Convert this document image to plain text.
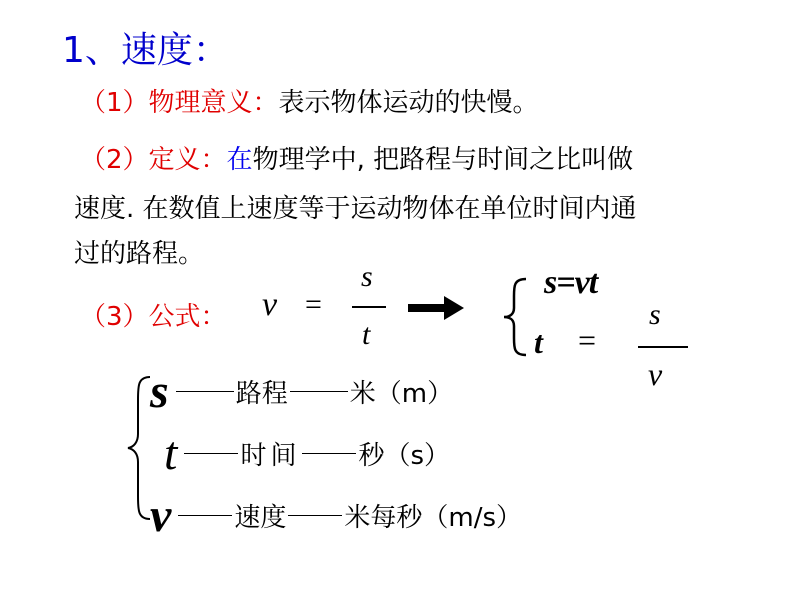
1、速度：
（1）物理意义：表示物体运动的快慢。
（2）定义：在物理学中, 把路程与时间之比叫做
速度. 在数值上速度等于运动物体在单位时间内通
过的路程。
（3）公式： v =
s
t
s=vt
t =
s
v
s	路程 米（m）
t 时间 秒（s）
v 速度 米每秒（m/s）
